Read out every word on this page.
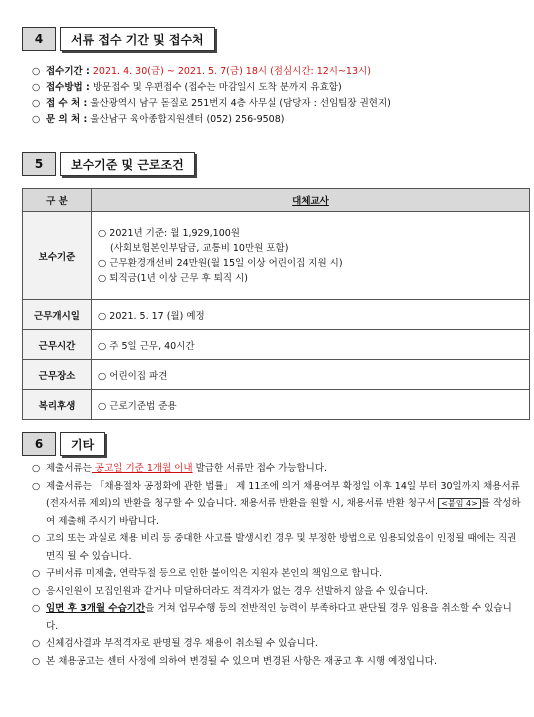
4	서류 접수 기간 및 접수처
○ 접수기간 :
2021. 4. 30(금) ~ 2021. 5. 7(금) 18시 (점심시간: 12시~13시)
○ 접수방법 :
방문접수 및 우편접수 (접수는 마감일시 도착 분까지 유효함)
○ 접 수 처 :
울산광역시 남구 돋질로 251번지 4층 사무실 (담당자 : 선임팀장 권현지)
○ 문 의 처 :
울산남구 육아종합지원센터 (052) 256-9508)
5	보수기준 및 근로조건
구 분	대체교사
보수기준	○ 2021년 기준: 월 1,929,100원
(사회보험본인부담금, 교통비 10만원 포함)
○ 근무환경개선비 24만원(월 15일 이상 어린이집 지원 시)
○ 퇴직금(1년 이상 근무 후 퇴직 시)

근무개시일	○ 2021. 5. 17 (월) 예정
근무시간	○ 주 5일 근무, 40시간
근무장소	○ 어린이집 파견
복리후생	○ 근로기준법 준용
6	기타
○ 제출서류는 공고일 기준 1개월 이내 발급한 서류만 접수 가능합니다.
○ 제출서류는 「채용절차 공정화에 관한 법률」 제 11조에 의거 채용여부 확정일 이후 14일 부터 30일까지 채용서류(전자서류 제외)의 반환을 청구할 수 있습니다. 채용서류 반환을 원할 시, 채용서류 반환 청구서 <붙임 4> 를 작성하여 제출해 주시기 바랍니다.
○ 고의 또는 과실로 채용 비리 등 중대한 사고를 발생시킨 경우 및 부정한 방법으로 임용되었음이 인정될 때에는 직권면직 될 수 있습니다.
○ 구비서류 미제출, 연락두절 등으로 인한 불이익은 지원자 본인의 책임으로 합니다.
○ 응시인원이 모집인원과 같거나 미달하더라도 적격자가 없는 경우 선발하지 않을 수 있습니다.
○ 임면 후 3개월 수습기간을 거쳐 업무수행 등의 전반적인 능력이 부족하다고 판단될 경우 임용을 취소할 수 있습니다.
○ 신체검사결과 부적격자로 판명될 경우 채용이 취소될 수 있습니다.
○ 본 채용공고는 센터 사정에 의하여 변경될 수 있으며 변경된 사항은 재공고 후 시행 예정입니다.
